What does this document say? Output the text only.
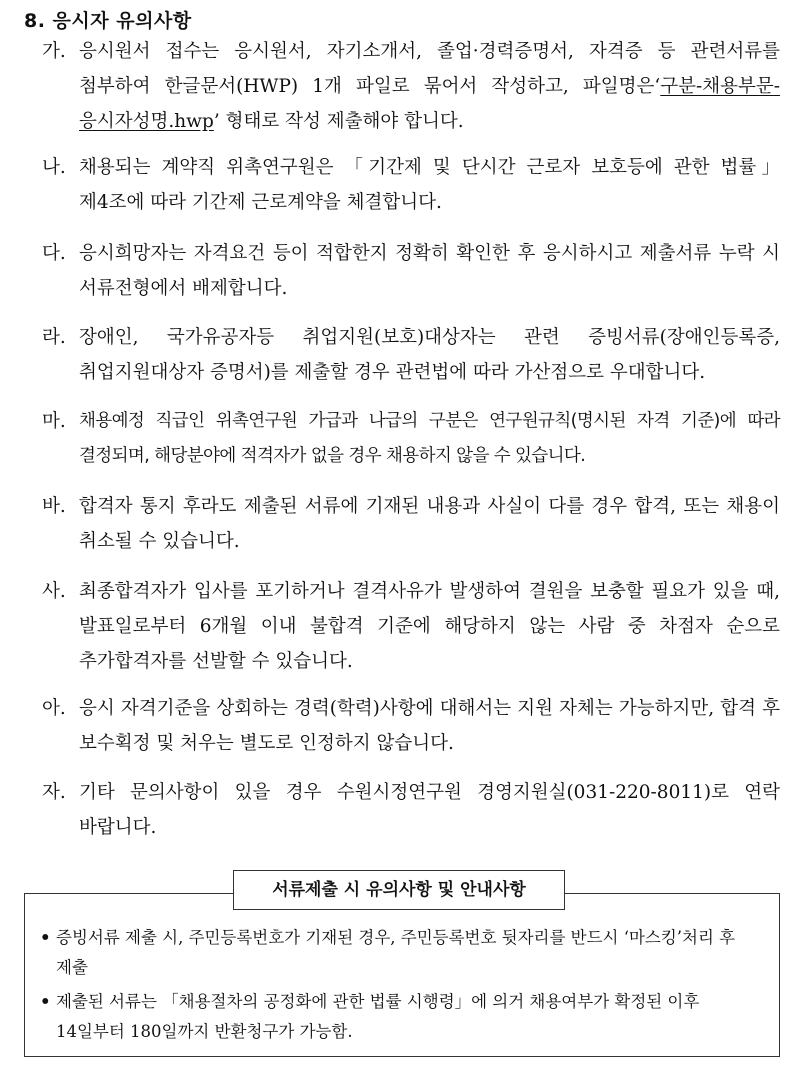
8. 응시자 유의사항
가. 응시원서 접수는 응시원서, 자기소개서, 졸업·경력증명서, 자격증 등 관련서류를 첨부하여 한글문서(HWP) 1개 파일로 묶어서 작성하고, 파일명은‘구분-채용부문-응시자성명.hwp’ 형태로 작성 제출해야 합니다.
나. 채용되는 계약직 위촉연구원은 「기간제 및 단시간 근로자 보호등에 관한 법률」 제4조에 따라 기간제 근로계약을 체결합니다.
다. 응시희망자는 자격요건 등이 적합한지 정확히 확인한 후 응시하시고 제출서류 누락 시 서류전형에서 배제합니다.
라. 장애인, 국가유공자등 취업지원(보호)대상자는 관련 증빙서류(장애인등록증, 취업지원대상자 증명서)를 제출할 경우 관련법에 따라 가산점으로 우대합니다.
마. 채용예정 직급인 위촉연구원 가급과 나급의 구분은 연구원규칙(명시된 자격 기준)에 따라 결정되며, 해당분야에 적격자가 없을 경우 채용하지 않을 수 있습니다.
바. 합격자 통지 후라도 제출된 서류에 기재된 내용과 사실이 다를 경우 합격, 또는 채용이 취소될 수 있습니다.
사. 최종합격자가 입사를 포기하거나 결격사유가 발생하여 결원을 보충할 필요가 있을 때, 발표일로부터 6개월 이내 불합격 기준에 해당하지 않는 사람 중 차점자 순으로 추가합격자를 선발할 수 있습니다.
아. 응시 자격기준을 상회하는 경력(학력)사항에 대해서는 지원 자체는 가능하지만, 합격 후 보수획정 및 처우는 별도로 인정하지 않습니다.
자. 기타 문의사항이 있을 경우 수원시정연구원 경영지원실(031-220-8011)로 연락 바랍니다.
서류제출 시 유의사항 및 안내사항
• 증빙서류 제출 시, 주민등록번호가 기재된 경우, 주민등록번호 뒷자리를 반드시 ‘마스킹’처리 후 제출
• 제출된 서류는 「채용절차의 공정화에 관한 법률 시행령」에 의거 채용여부가 확정된 이후 14일부터 180일까지 반환청구가 가능함.
